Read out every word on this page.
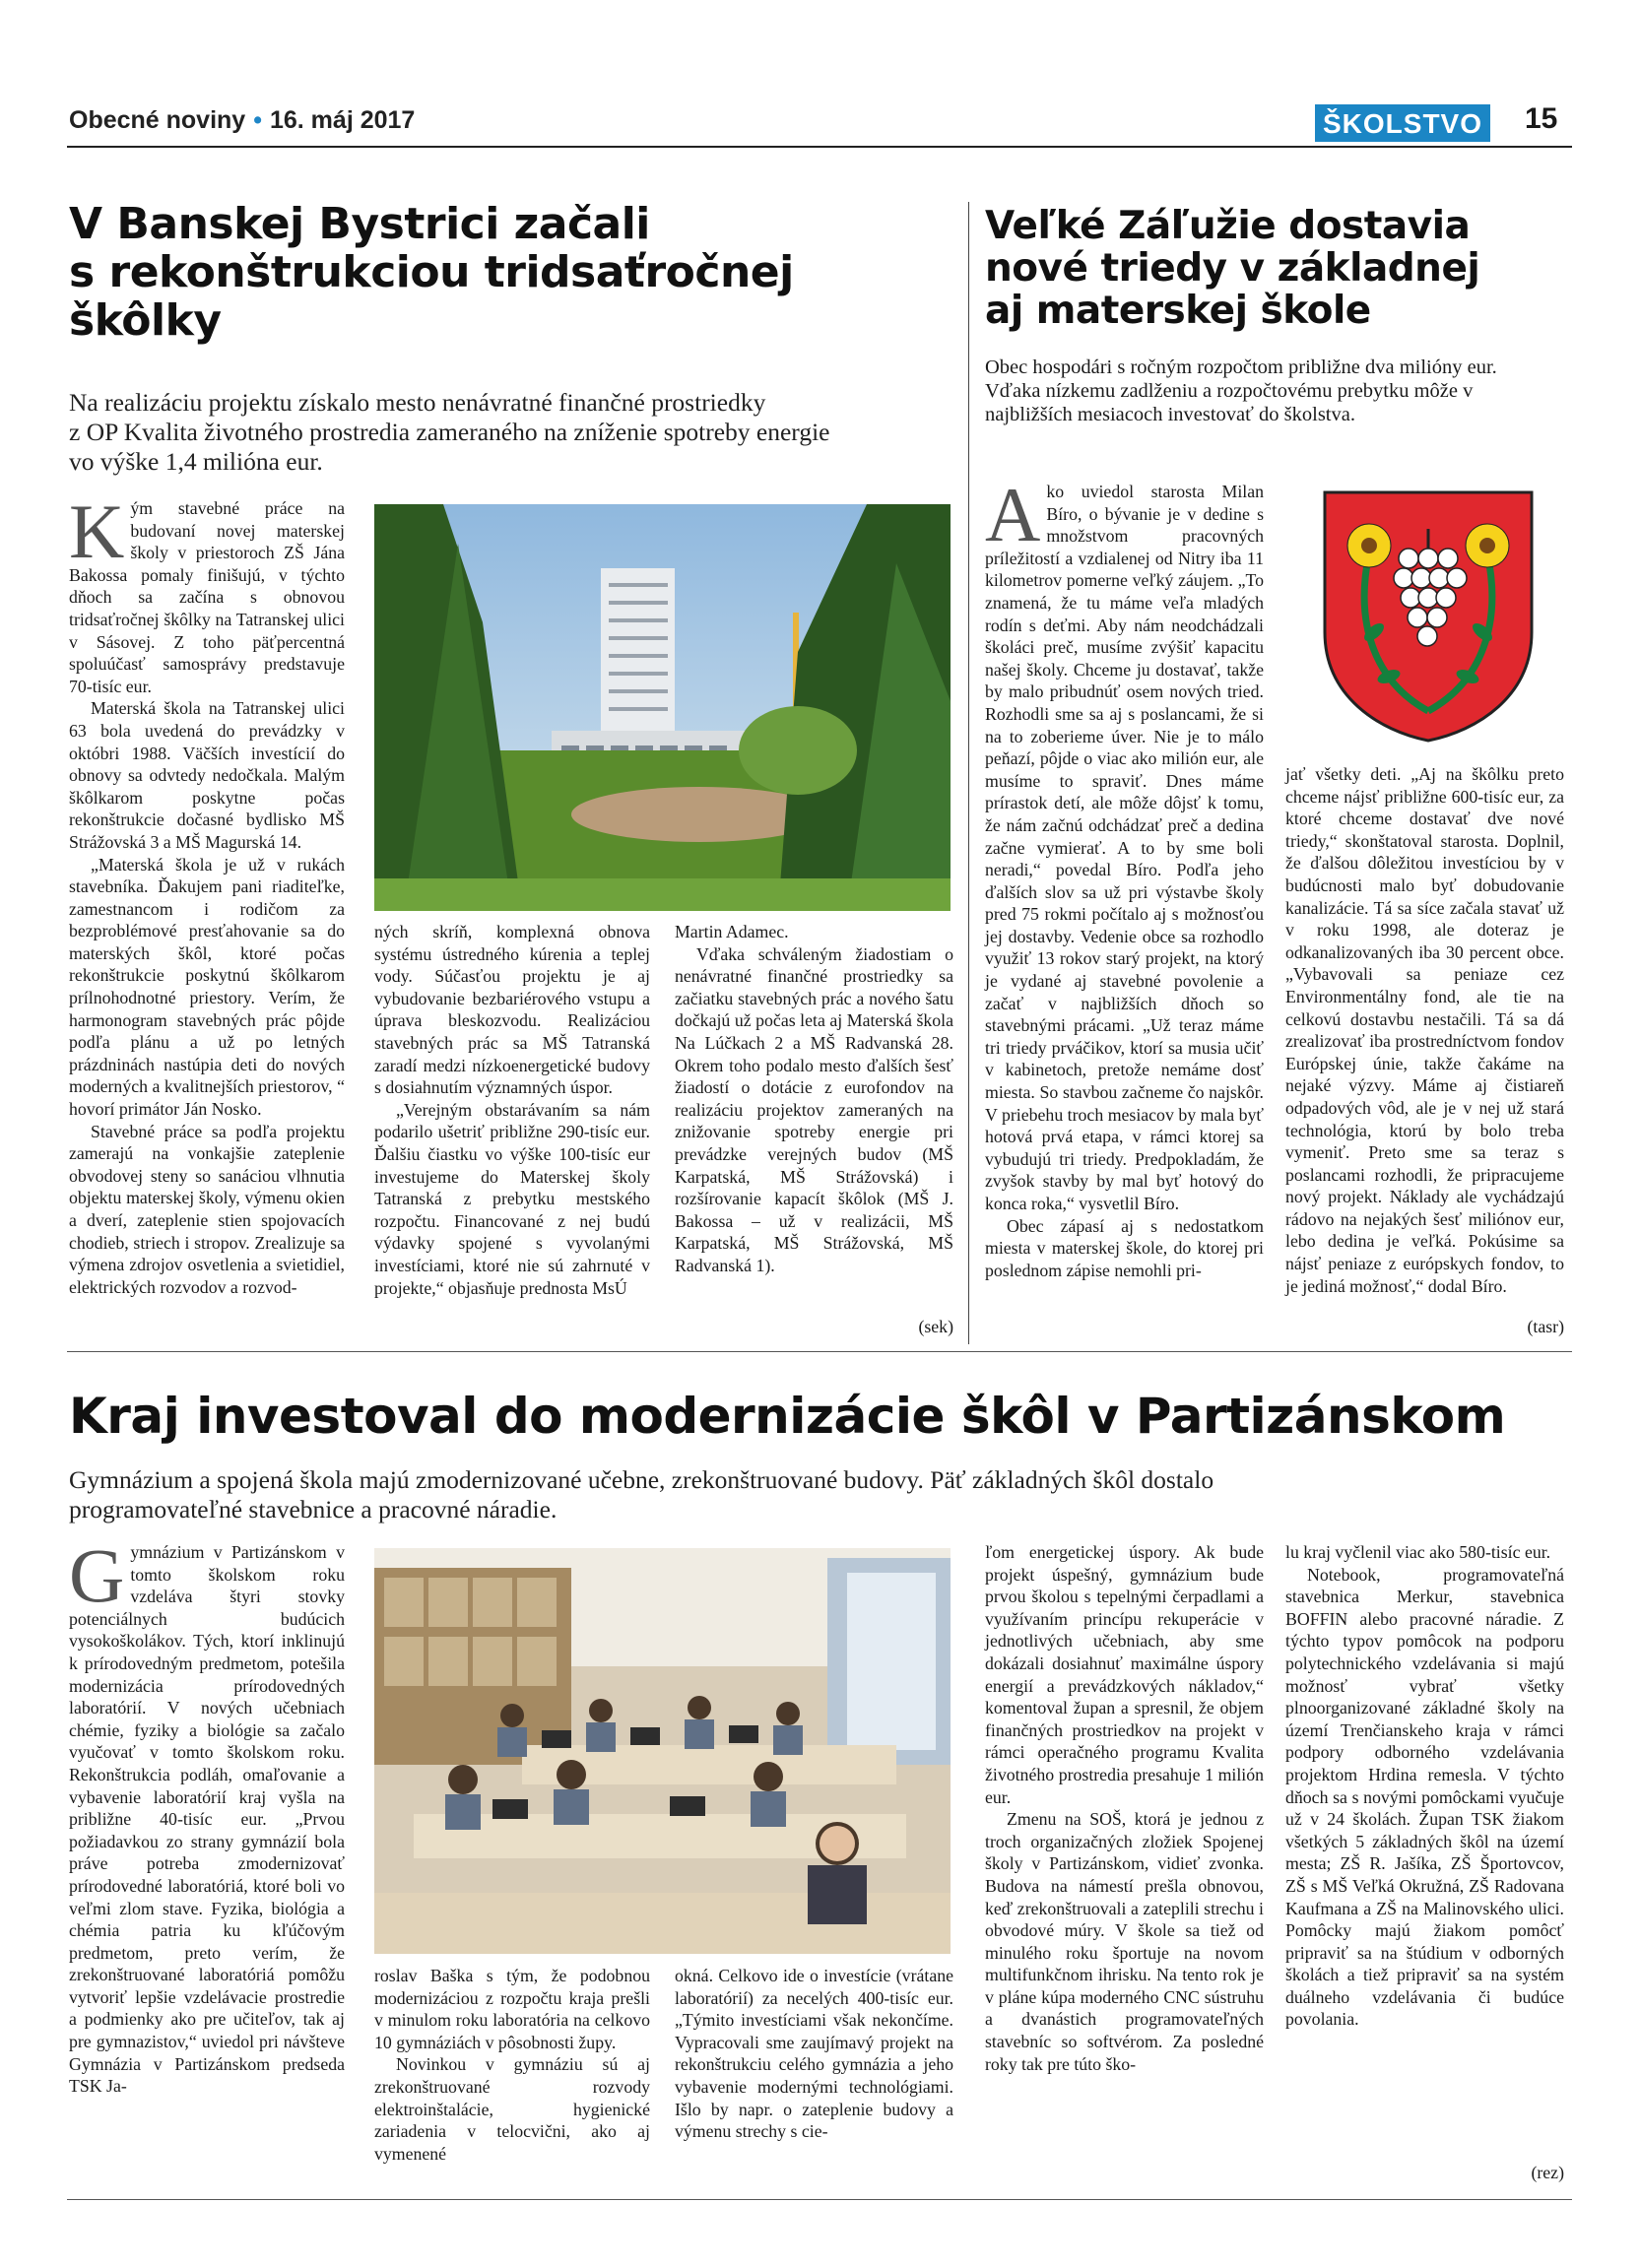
Obecné noviny • 16. máj 2017	ŠKOLSTVO 15
V Banskej Bystrici začali
s rekonštrukciou tridsaťročnej
škôlky
Na realizáciu projektu získalo mesto nenávratné finančné prostriedky
z OP Kvalita životného prostredia zameraného na zníženie spotreby energie
vo výške 1,4 milióna eur.

Kým stavebné práce na budovaní novej materskej školy v priestoroch ZŠ Jána Bakossa pomaly finišujú, v týchto dňoch sa začína s obnovou tridsaťročnej škôlky na Tatranskej ulici v Sásovej. Z toho päťpercentná spoluúčasť samosprávy predstavuje 70-tisíc eur.

Materská škola na Tatranskej ulici 63 bola uvedená do prevádzky v októbri 1988. Väčších investícií do obnovy sa odvtedy nedočkala. Malým škôlkarom poskytne počas rekonštrukcie dočasné bydlisko MŠ Strážovská 3 a MŠ Magurská 14.

„Materská škola je už v rukách stavebníka. Ďakujem pani riaditeľke, zamestnancom i rodičom za bezproblémové presťahovanie sa do materských škôl, ktoré počas rekonštrukcie poskytnú škôlkarom prílnohodnotné priestory. Verím, že harmonogram stavebných prác pôjde podľa plánu a už po letných prázdninách nastúpia deti do nových moderných a kvalitnejších priestorov, “ hovorí primátor Ján Nosko.

Stavebné práce sa podľa projektu zamerajú na vonkajšie zateplenie obvodovej steny so sanáciou vlhnutia objektu materskej školy, výmenu okien a dverí, zateplenie stien spojovacích chodieb, striech i stropov. Zrealizuje sa výmena zdrojov osvetlenia a svietidiel, elektrických rozvodov a rozvod-

ných skríň, komplexná obnova systému ústredného kúrenia a teplej vody. Súčasťou projektu je aj vybudovanie bezbariérového vstupu a úprava bleskozvodu. Realizáciou stavebných prác sa MŠ Tatranská zaradí medzi nízkoenergetické budovy s dosiahnutím významných úspor.

„Verejným obstarávaním sa nám podarilo ušetriť približne 290-tisíc eur. Ďalšiu čiastku vo výške 100-tisíc eur investujeme do Materskej školy Tatranská z prebytku mestského rozpočtu. Financované z nej budú výdavky spojené s vyvolanými investíciami, ktoré nie sú zahrnuté v projekte,“ objasňuje prednosta MsÚ

Martin Adamec.

Vďaka schváleným žiadostiam o nenávratné finančné prostriedky sa začiatku stavebných prác a nového šatu dočkajú už počas leta aj Materská škola Na Lúčkach 2 a MŠ Radvanská 28. Okrem toho podalo mesto ďalších šesť žiadostí o dotácie z eurofondov na realizáciu projektov zameraných na znižovanie spotreby energie pri prevádzke verejných budov (MŠ Karpatská, MŠ Strážovská) i rozšírovanie kapacít škôlok (MŠ J. Bakossa – už v realizácii, MŠ Karpatská, MŠ Strážovská, MŠ Radvanská 1).

(sek)
Veľké Záľužie dostavia
nové triedy v základnej
aj materskej škole
Obec hospodári s ročným rozpočtom približne dva milióny eur. Vďaka nízkemu zadlženiu a rozpočtovému prebytku môže v najbližších mesiacoch investovať do školstva.

Ako uviedol starosta Milan Bíro, o bývanie je v dedine s množstvom pracovných príležitostí a vzdialenej od Nitry iba 11 kilometrov pomerne veľký záujem. „To znamená, že tu máme veľa mladých rodín s deťmi. Aby nám neodchádzali školáci preč, musíme zvýšiť kapacitu našej školy. Chceme ju dostavať, takže by malo pribudnúť osem nových tried. Rozhodli sme sa aj s poslancami, že si na to zoberieme úver. Nie je to málo peňazí, pôjde o viac ako milión eur, ale musíme to spraviť. Dnes máme prírastok detí, ale môže dôjsť k tomu, že nám začnú odchádzať preč a dedina začne vymierať. A to by sme boli neradi,“ povedal Bíro. Podľa jeho ďalších slov sa už pri výstavbe školy pred 75 rokmi počítalo aj s možnosťou jej dostavby. Vedenie obce sa rozhodlo využiť 13 rokov starý projekt, na ktorý je vydané aj stavebné povolenie a začať v najbližších dňoch so stavebnými prácami. „Už teraz máme tri triedy prváčikov, ktorí sa musia učiť v kabinetoch, pretože nemáme dosť miesta. So stavbou začneme čo najskôr. V priebehu troch mesiacov by mala byť hotová prvá etapa, v rámci ktorej sa vybudujú tri triedy. Predpokladám, že zvyšok stavby by mal byť hotový do konca roka,“ vysvetlil Bíro.

Obec zápasí aj s nedostatkom miesta v materskej škole, do ktorej pri poslednom zápise nemohli pri-

jať všetky deti. „Aj na škôlku preto chceme nájsť približne 600-tisíc eur, za ktoré chceme dostavať dve nové triedy,“ skonštatoval starosta. Doplnil, že ďalšou dôležitou investíciou by v budúcnosti malo byť dobudovanie kanalizácie. Tá sa síce začala stavať už v roku 1998, ale doteraz je odkanalizovaných iba 30 percent obce. „Vybavovali sa peniaze cez Environmentálny fond, ale tie na celkovú dostavbu nestačili. Tá sa dá zrealizovať iba prostredníctvom fondov Európskej únie, takže čakáme na nejaké výzvy. Máme aj čistiareň odpadových vôd, ale je v nej už stará technológia, ktorú by bolo treba vymeniť. Preto sme sa teraz s poslancami rozhodli, že pripracujeme nový projekt. Náklady ale vychádzajú rádovo na nejakých šesť miliónov eur, lebo dedina je veľká. Pokúsime sa nájsť peniaze z európskych fondov, to je jediná možnosť,“ dodal Bíro.

(tasr)
Kraj investoval do modernizácie škôl v Partizánskom
Gymnázium a spojená škola majú zmodernizované učebne, zrekonštruované budovy. Päť základných škôl dostalo
programovateľné stavebnice a pracovné náradie.

Gymnázium v Partizánskom v tomto školskom roku vzdeláva štyri stovky potenciálnych budúcich vysokoškolákov. Tých, ktorí inklinujú k prírodovedným predmetom, potešila modernizácia prírodovedných laboratórií. V nových učebniach chémie, fyziky a biológie sa začalo vyučovať v tomto školskom roku. Rekonštrukcia podláh, omaľovanie a vybavenie laboratórií kraj vyšla na približne 40-tisíc eur. „Prvou požiadavkou zo strany gymnázií bola práve potreba zmodernizovať prírodovedné laboratóriá, ktoré boli vo veľmi zlom stave. Fyzika, biológia a chémia patria ku kľúčovým predmetom, preto verím, že zrekonštruované laboratóriá pomôžu vytvoriť lepšie vzdelávacie prostredie a podmienky ako pre učiteľov, tak aj pre gymnazistov,“ uviedol pri návšteve Gymnázia v Partizánskom predseda TSK Ja-

roslav Baška s tým, že podobnou modernizáciou z rozpočtu kraja prešli v minulom roku laboratória na celkovo 10 gymnáziách v pôsobnosti župy.

Novinkou v gymnáziu sú aj zrekonštruované rozvody elektroinštalácie, hygienické zariadenia v telocvični, ako aj vymenené

okná. Celkovo ide o investície (vrátane laboratórií) za necelých 400-tisíc eur.„Týmito investíciami však nekončíme. Vypracovali sme zaujímavý projekt na rekonštrukciu celého gymnázia a jeho vybavenie modernými technológiami. Išlo by napr. o zateplenie budovy a výmenu strechy s cie-

ľom energetickej úspory. Ak bude projekt úspešný, gymnázium bude prvou školou s tepelnými čerpadlami a využívaním princípu rekuperácie v jednotlivých učebniach, aby sme dokázali dosiahnuť maximálne úspory energií a prevádzkových nákladov,“ komentoval župan a spresnil, že objem finančných prostriedkov na projekt v rámci operačného programu Kvalita životného prostredia presahuje 1 milión eur.

Zmenu na SOŠ, ktorá je jednou z troch organizačných zložiek Spojenej školy v Partizánskom, vidieť zvonka. Budova na námestí prešla obnovou, keď zrekonštruovali a zateplili strechu i obvodové múry. V škole sa tiež od minulého roku športuje na novom multifunkčnom ihrisku. Na tento rok je v pláne kúpa moderného CNC sústruhu a dvanástich programovateľných stavebníc so softvérom. Za posledné roky tak pre túto ško-

lu kraj vyčlenil viac ako 580-tisíc eur.

Notebook, programovateľná stavebnica Merkur, stavebnica BOFFIN alebo pracovné náradie. Z týchto typov pomôcok na podporu polytechnického vzdelávania si majú možnosť vybrať všetky plnoorganizované základné školy na území Trenčianskeho kraja v rámci podpory odborného vzdelávania projektom Hrdina remesla. V týchto dňoch sa s novými pomôckami vyučuje už v 24 školách. Župan TSK žiakom všetkých 5 základných škôl na území mesta; ZŠ R. Jašíka, ZŠ Športovcov, ZŠ s MŠ Veľká Okružná, ZŠ Radovana Kaufmana a ZŠ na Malinovského ulici. Pomôcky majú žiakom pomôcť pripraviť sa na štúdium v odborných školách a tiež pripraviť sa na systém duálneho vzdelávania či budúce povolania.

(rez)
